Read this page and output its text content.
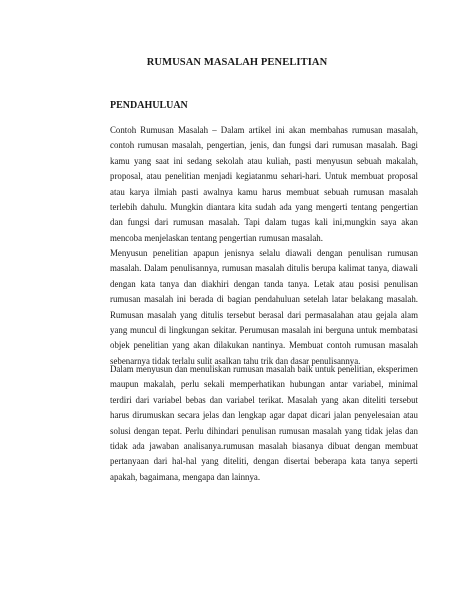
RUMUSAN MASALAH PENELITIAN
PENDAHULUAN

Contoh Rumusan Masalah – Dalam artikel ini akan membahas rumusan masalah, contoh rumusan masalah, pengertian, jenis, dan fungsi dari rumusan masalah. Bagi kamu yang saat ini sedang sekolah atau kuliah, pasti menyusun sebuah makalah, proposal, atau penelitian menjadi kegiatanmu sehari-hari. Untuk membuat proposal atau karya ilmiah pasti awalnya kamu harus membuat sebuah rumusan masalah terlebih dahulu. Mungkin diantara kita sudah ada yang mengerti tentang pengertian dan fungsi dari rumusan masalah. Tapi dalam tugas kali ini,mungkin saya akan mencoba menjelaskan tentang pengertian rumusan masalah.

Menyusun penelitian apapun jenisnya selalu diawali dengan penulisan rumusan masalah. Dalam penulisannya, rumusan masalah ditulis berupa kalimat tanya, diawali dengan kata tanya dan diakhiri dengan tanda tanya. Letak atau posisi penulisan rumusan masalah ini berada di bagian pendahuluan setelah latar belakang masalah. Rumusan masalah yang ditulis tersebut berasal dari permasalahan atau gejala alam yang muncul di lingkungan sekitar. Perumusan masalah ini berguna untuk membatasi objek penelitian yang akan dilakukan nantinya. Membuat contoh rumusan masalah sebenarnya tidak terlalu sulit asalkan tahu trik dan dasar penulisannya.

Dalam menyusun dan menuliskan rumusan masalah baik untuk penelitian, eksperimen maupun makalah, perlu sekali memperhatikan hubungan antar variabel, minimal terdiri dari variabel bebas dan variabel terikat. Masalah yang akan diteliti tersebut harus dirumuskan secara jelas dan lengkap agar dapat dicari jalan penyelesaian atau solusi dengan tepat. Perlu dihindari penulisan rumusan masalah yang tidak jelas dan tidak ada jawaban analisanya.rumusan masalah biasanya dibuat dengan membuat pertanyaan dari hal-hal yang diteliti, dengan disertai beberapa kata tanya seperti apakah, bagaimana, mengapa dan lainnya.
